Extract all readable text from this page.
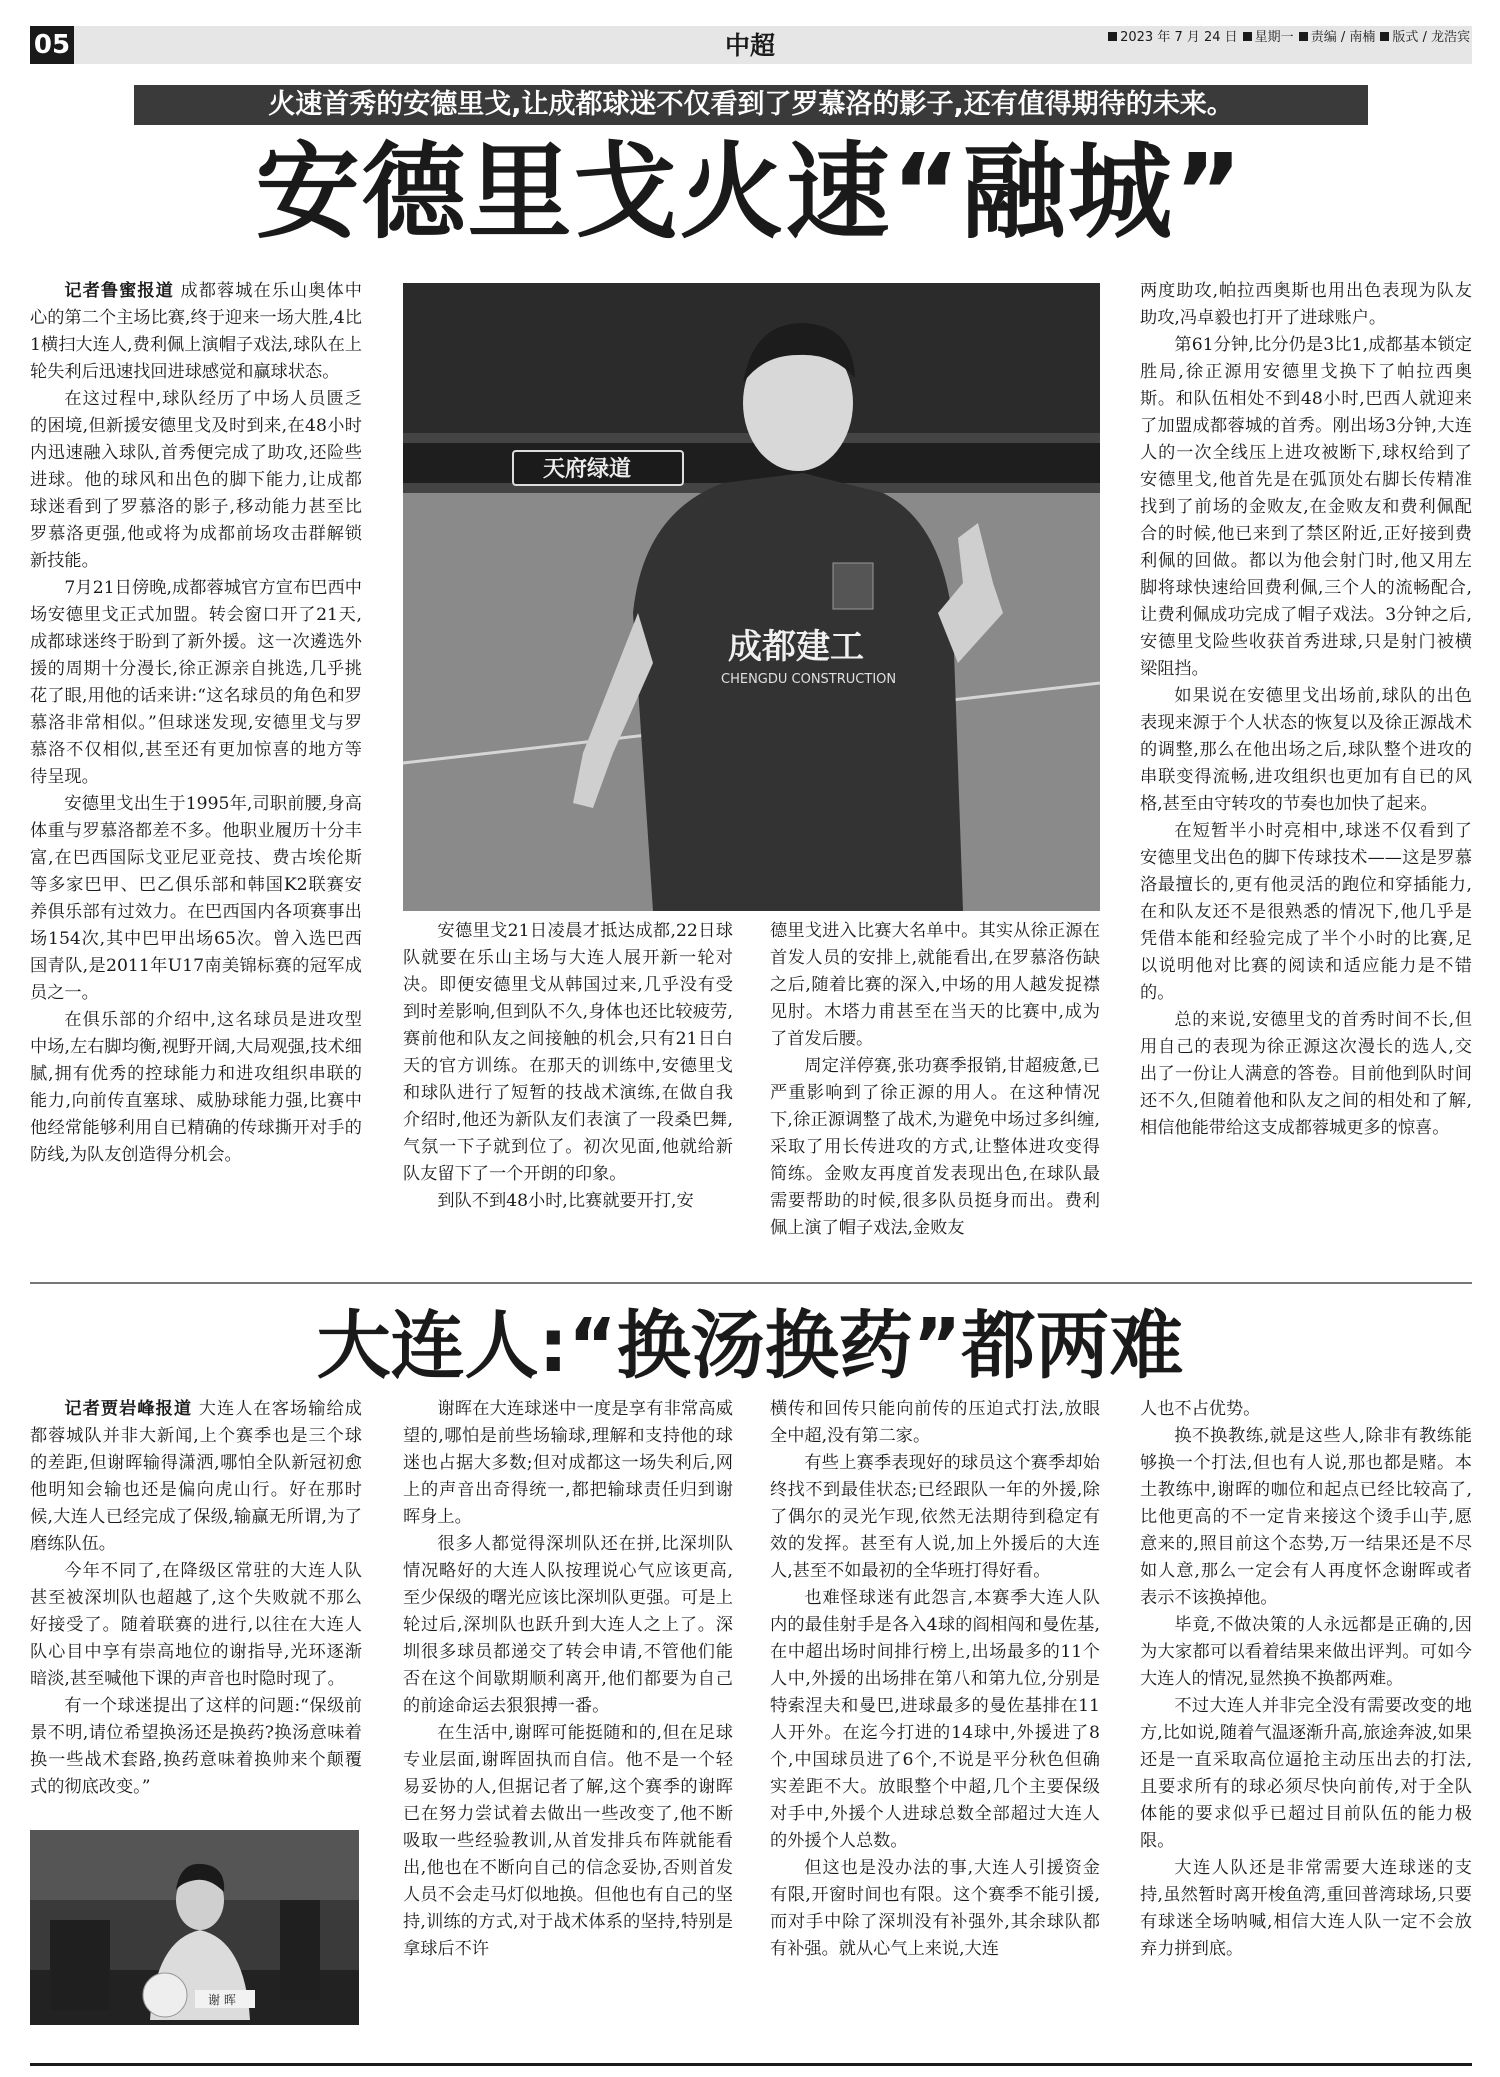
05	中超	2023 年 7 月 24 日 星期一 责编 / 南楠 版式 / 龙浩宾
火速首秀的安德里戈,让成都球迷不仅看到了罗慕洛的影子,还有值得期待的未来。
安德里戈火速“融城”

记者鲁蜜报道 成都蓉城在乐山奥体中心的第二个主场比赛,终于迎来一场大胜,4比1横扫大连人,费利佩上演帽子戏法,球队在上轮失利后迅速找回进球感觉和赢球状态。

在这过程中,球队经历了中场人员匮乏的困境,但新援安德里戈及时到来,在48小时内迅速融入球队,首秀便完成了助攻,还险些进球。他的球风和出色的脚下能力,让成都球迷看到了罗慕洛的影子,移动能力甚至比罗慕洛更强,他或将为成都前场攻击群解锁新技能。

7月21日傍晚,成都蓉城官方宣布巴西中场安德里戈正式加盟。转会窗口开了21天,成都球迷终于盼到了新外援。这一次遴选外援的周期十分漫长,徐正源亲自挑选,几乎挑花了眼,用他的话来讲:“这名球员的角色和罗慕洛非常相似。”但球迷发现,安德里戈与罗慕洛不仅相似,甚至还有更加惊喜的地方等待呈现。

安德里戈出生于1995年,司职前腰,身高体重与罗慕洛都差不多。他职业履历十分丰富,在巴西国际戈亚尼亚竞技、费古埃伦斯等多家巴甲、巴乙俱乐部和韩国K2联赛安养俱乐部有过效力。在巴西国内各项赛事出场154次,其中巴甲出场65次。曾入选巴西国青队,是2011年U17南美锦标赛的冠军成员之一。

在俱乐部的介绍中,这名球员是进攻型中场,左右脚均衡,视野开阔,大局观强,技术细腻,拥有优秀的控球能力和进攻组织串联的能力,向前传直塞球、威胁球能力强,比赛中他经常能够利用自已精确的传球撕开对手的防线,为队友创造得分机会。

天府绿道
成都建工
CHENGDU CONSTRUCTION

安德里戈21日凌晨才抵达成都,22日球队就要在乐山主场与大连人展开新一轮对决。即便安德里戈从韩国过来,几乎没有受到时差影响,但到队不久,身体也还比较疲劳,赛前他和队友之间接触的机会,只有21日白天的官方训练。在那天的训练中,安德里戈和球队进行了短暂的技战术演练,在做自我介绍时,他还为新队友们表演了一段桑巴舞,气氛一下子就到位了。初次见面,他就给新队友留下了一个开朗的印象。

到队不到48小时,比赛就要开打,安

德里戈进入比赛大名单中。其实从徐正源在首发人员的安排上,就能看出,在罗慕洛伤缺之后,随着比赛的深入,中场的用人越发捉襟见肘。木塔力甫甚至在当天的比赛中,成为了首发后腰。

周定洋停赛,张功赛季报销,甘超疲惫,已严重影响到了徐正源的用人。在这种情况下,徐正源调整了战术,为避免中场过多纠缠,采取了用长传进攻的方式,让整体进攻变得简练。金败友再度首发表现出色,在球队最需要帮助的时候,很多队员挺身而出。费利佩上演了帽子戏法,金败友

两度助攻,帕拉西奥斯也用出色表现为队友助攻,冯卓毅也打开了进球账户。

第61分钟,比分仍是3比1,成都基本锁定胜局,徐正源用安德里戈换下了帕拉西奥斯。和队伍相处不到48小时,巴西人就迎来了加盟成都蓉城的首秀。刚出场3分钟,大连人的一次全线压上进攻被断下,球权给到了安德里戈,他首先是在弧顶处右脚长传精准找到了前场的金败友,在金败友和费利佩配合的时候,他已来到了禁区附近,正好接到费利佩的回做。都以为他会射门时,他又用左脚将球快速给回费利佩,三个人的流畅配合,让费利佩成功完成了帽子戏法。3分钟之后,安德里戈险些收获首秀进球,只是射门被横梁阻挡。

如果说在安德里戈出场前,球队的出色表现来源于个人状态的恢复以及徐正源战术的调整,那么在他出场之后,球队整个进攻的串联变得流畅,进攻组织也更加有自已的风格,甚至由守转攻的节奏也加快了起来。

在短暂半小时亮相中,球迷不仅看到了安德里戈出色的脚下传球技术——这是罗慕洛最擅长的,更有他灵活的跑位和穿插能力,在和队友还不是很熟悉的情况下,他几乎是凭借本能和经验完成了半个小时的比赛,足以说明他对比赛的阅读和适应能力是不错的。

总的来说,安德里戈的首秀时间不长,但用自己的表现为徐正源这次漫长的选人,交出了一份让人满意的答卷。目前他到队时间还不久,但随着他和队友之间的相处和了解,相信他能带给这支成都蓉城更多的惊喜。

大连人:“换汤换药”都两难

记者贾岩峰报道 大连人在客场输给成都蓉城队并非大新闻,上个赛季也是三个球的差距,但谢晖输得潇洒,哪怕全队新冠初愈他明知会输也还是偏向虎山行。好在那时候,大连人已经完成了保级,输赢无所谓,为了磨练队伍。

今年不同了,在降级区常驻的大连人队甚至被深圳队也超越了,这个失败就不那么好接受了。随着联赛的进行,以往在大连人队心目中享有崇高地位的谢指导,光环逐渐暗淡,甚至喊他下课的声音也时隐时现了。

有一个球迷提出了这样的问题:“保级前景不明,请位希望换汤还是换药?换汤意味着换一些战术套路,换药意味着换帅来个颠覆式的彻底改变。”

谢 晖

谢晖在大连球迷中一度是享有非常高威望的,哪怕是前些场输球,理解和支持他的球迷也占据大多数;但对成都这一场失利后,网上的声音出奇得统一,都把输球责任归到谢晖身上。

很多人都觉得深圳队还在拼,比深圳队情况略好的大连人队按理说心气应该更高,至少保级的曙光应该比深圳队更强。可是上轮过后,深圳队也跃升到大连人之上了。深圳很多球员都递交了转会申请,不管他们能否在这个间歇期顺利离开,他们都要为自己的前途命运去狠狠搏一番。

在生活中,谢晖可能挺随和的,但在足球专业层面,谢晖固执而自信。他不是一个轻易妥协的人,但据记者了解,这个赛季的谢晖已在努力尝试着去做出一些改变了,他不断吸取一些经验教训,从首发排兵布阵就能看出,他也在不断向自己的信念妥协,否则首发人员不会走马灯似地换。但他也有自己的坚持,训练的方式,对于战术体系的坚持,特别是拿球后不许

横传和回传只能向前传的压迫式打法,放眼全中超,没有第二家。

有些上赛季表现好的球员这个赛季却始终找不到最佳状态;已经跟队一年的外援,除了偶尔的灵光乍现,依然无法期待到稳定有效的发挥。甚至有人说,加上外援后的大连人,甚至不如最初的全华班打得好看。

也难怪球迷有此怨言,本赛季大连人队内的最佳射手是各入4球的阎相闯和曼佐基,在中超出场时间排行榜上,出场最多的11个人中,外援的出场排在第八和第九位,分别是特索涅夫和曼巴,进球最多的曼佐基排在11人开外。在迄今打进的14球中,外援进了8个,中国球员进了6个,不说是平分秋色但确实差距不大。放眼整个中超,几个主要保级对手中,外援个人进球总数全部超过大连人的外援个人总数。

但这也是没办法的事,大连人引援资金有限,开窗时间也有限。这个赛季不能引援,而对手中除了深圳没有补强外,其余球队都有补强。就从心气上来说,大连

人也不占优势。

换不换教练,就是这些人,除非有教练能够换一个打法,但也有人说,那也都是赌。本土教练中,谢晖的咖位和起点已经比较高了,比他更高的不一定肯来接这个烫手山芋,愿意来的,照目前这个态势,万一结果还是不尽如人意,那么一定会有人再度怀念谢晖或者表示不该换掉他。

毕竟,不做决策的人永远都是正确的,因为大家都可以看着结果来做出评判。可如今大连人的情况,显然换不换都两难。

不过大连人并非完全没有需要改变的地方,比如说,随着气温逐渐升高,旅途奔波,如果还是一直采取高位逼抢主动压出去的打法,且要求所有的球必须尽快向前传,对于全队体能的要求似乎已超过目前队伍的能力极限。

大连人队还是非常需要大连球迷的支持,虽然暂时离开梭鱼湾,重回普湾球场,只要有球迷全场呐喊,相信大连人队一定不会放弃力拼到底。
